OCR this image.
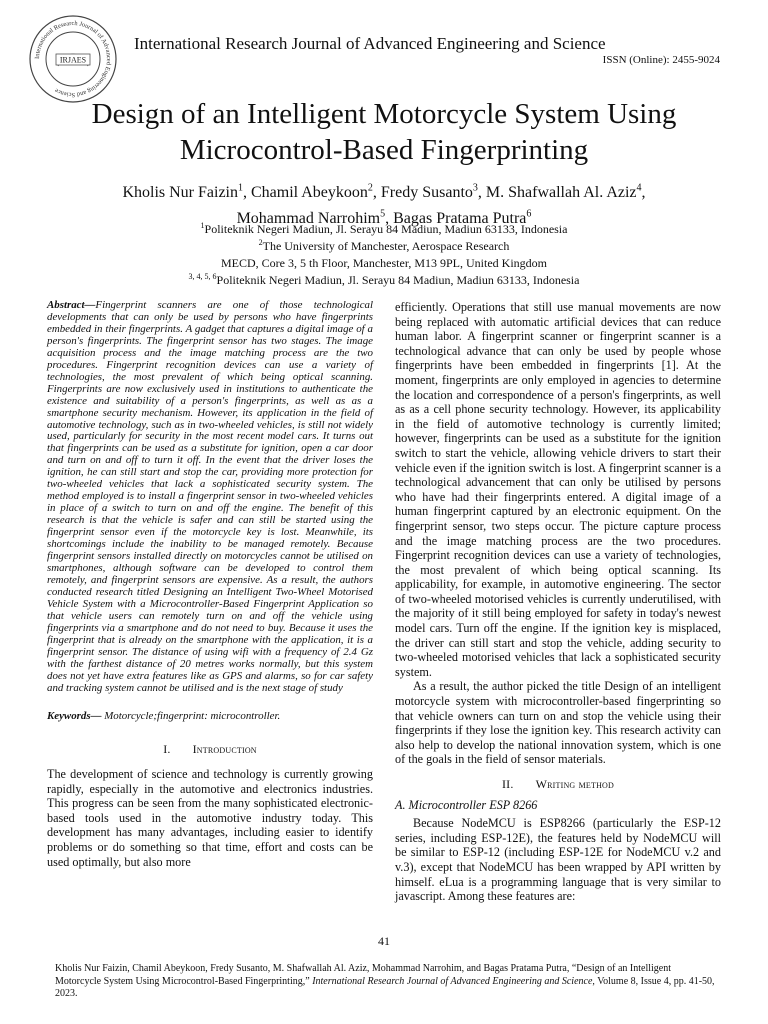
International Research Journal of Advanced Engineering and Science
IRJAES
International Research Journal of Advanced Engineering and Science
ISSN (Online): 2455-9024
Design of an Intelligent Motorcycle System Using
Microcontrol-Based Fingerprinting
Kholis Nur Faizin$^1$, Chamil Abeykoon$^2$, Fredy Susanto$^3$, M. Shafwallah Al. Aziz$^4$,
Mohammad Narrohim$^5$, Bagas Pratama Putra$^6$
$^1$Politeknik Negeri Madiun, Jl. Serayu 84 Madiun, Madiun 63133, Indonesia
$^2$The University of Manchester, Aerospace Research
MECD, Core 3, 5 th Floor, Manchester, M13 9PL, United Kingdom
$^{3, 4, 5, 6}$Politeknik Negeri Madiun, Jl. Serayu 84 Madiun, Madiun 63133, Indonesia

Abstract—Fingerprint scanners are one of those technological developments that can only be used by persons who have fingerprints embedded in their fingerprints. A gadget that captures a digital image of a person's fingerprints. The fingerprint sensor has two stages. The image acquisition process and the image matching process are the two procedures. Fingerprint recognition devices can use a variety of technologies, the most prevalent of which being optical scanning. Fingerprints are now exclusively used in institutions to authenticate the existence and suitability of a person's fingerprints, as well as as a smartphone security mechanism. However, its application in the field of automotive technology, such as in two-wheeled vehicles, is still not widely used, particularly for security in the most recent model cars. It turns out that fingerprints can be used as a substitute for ignition, open a car door and turn on and off to turn it off. In the event that the driver loses the ignition, he can still start and stop the car, providing more protection for two-wheeled vehicles that lack a sophisticated security system. The method employed is to install a fingerprint sensor in two-wheeled vehicles in place of a switch to turn on and off the engine. The benefit of this research is that the vehicle is safer and can still be started using the fingerprint sensor even if the motorcycle key is lost. Meanwhile, its shortcomings include the inability to be managed remotely. Because fingerprint sensors installed directly on motorcycles cannot be utilised on smartphones, although software can be developed to control them remotely, and fingerprint sensors are expensive. As a result, the authors conducted research titled Designing an Intelligent Two-Wheel Motorised Vehicle System with a Microcontroller-Based Fingerprint Application so that vehicle users can remotely turn on and off the vehicle using fingerprints via a smartphone and do not need to buy. Because it uses the fingerprint that is already on the smartphone with the application, it is a fingerprint sensor. The distance of using wifi with a frequency of 2.4 Gz with the farthest distance of 20 metres works normally, but this system does not yet have extra features like as GPS and alarms, so for car safety and tracking system cannot be utilised and is the next stage of study

Keywords— Motorcycle;fingerprint: microcontroller.

I. Introduction

The development of science and technology is currently growing rapidly, especially in the automotive and electronics industries. This progress can be seen from the many sophisticated electronic-based tools used in the automotive industry today. This development has many advantages, including easier to identify problems or do something so that time, effort and costs can be used optimally, but also more

efficiently. Operations that still use manual movements are now being replaced with automatic artificial devices that can reduce human labor. A fingerprint scanner or fingerprint scanner is a technological advance that can only be used by people whose fingerprints have been embedded in fingerprints [1]. At the moment, fingerprints are only employed in agencies to determine the location and correspondence of a person's fingerprints, as well as as a cell phone security technology. However, its applicability in the field of automotive technology is currently limited; however, fingerprints can be used as a substitute for the ignition switch to start the vehicle, allowing vehicle drivers to start their vehicle even if the ignition switch is lost. A fingerprint scanner is a technological advancement that can only be utilised by persons who have had their fingerprints entered. A digital image of a human fingerprint captured by an electronic equipment. On the fingerprint sensor, two steps occur. The picture capture process and the image matching process are the two procedures. Fingerprint recognition devices can use a variety of technologies, the most prevalent of which being optical scanning. Its applicability, for example, in automotive engineering. The sector of two-wheeled motorised vehicles is currently underutilised, with the majority of it still being employed for safety in today's newest model cars. Turn off the engine. If the ignition key is misplaced, the driver can still start and stop the vehicle, adding security to two-wheeled motorised vehicles that lack a sophisticated security system.

As a result, the author picked the title Design of an intelligent motorcycle system with microcontroller-based fingerprinting so that vehicle owners can turn on and stop the vehicle using their fingerprints if they lose the ignition key. This research activity can also help to develop the national innovation system, which is one of the goals in the field of sensor materials.

II. Writing method

A. Microcontroller ESP 8266

Because NodeMCU is ESP8266 (particularly the ESP-12 series, including ESP-12E), the features held by NodeMCU will be similar to ESP-12 (including ESP-12E for NodeMCU v.2 and v.3), except that NodeMCU has been wrapped by API written by himself. eLua is a programming language that is very similar to javascript. Among these features are:

41
Kholis Nur Faizin, Chamil Abeykoon, Fredy Susanto, M. Shafwallah Al. Aziz, Mohammad Narrohim, and Bagas Pratama Putra, “Design of an Intelligent Motorcycle System Using Microcontrol-Based Fingerprinting,” International Research Journal of Advanced Engineering and Science, Volume 8, Issue 4, pp. 41-50, 2023.
